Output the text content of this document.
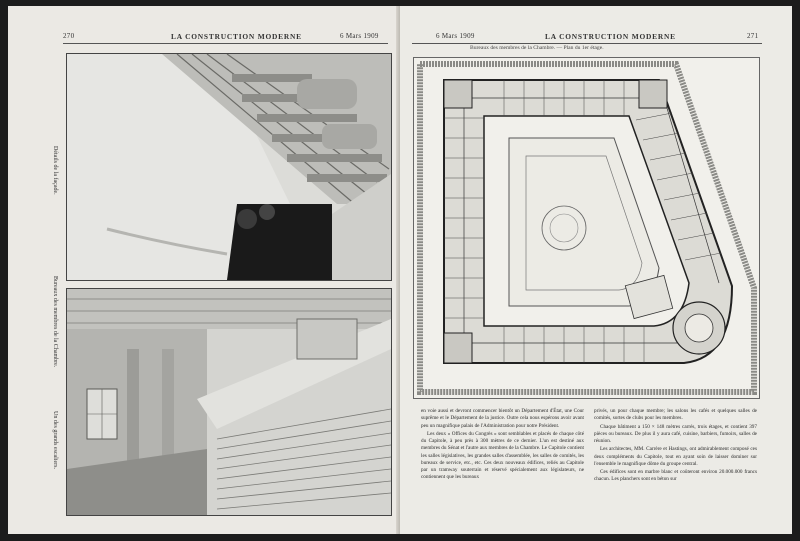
270	LA CONSTRUCTION MODERNE	6 Mars 1909
Détails de la façade.
Bureaux des membres de la Chambre.
Un des grands escaliers.
6 Mars 1909	LA CONSTRUCTION MODERNE	271
Bureaux des membres de la Chambre. — Plan du 1er étage.

en voie aussi et devront commencer bientôt un Département d'État, une Cour suprême et le Département de la justice. Outre cela nous espérons avoir avant peu un magnifique palais de l'Administration pour notre Président.

Les deux « Offices du Congrès » sont semblables et placés de chaque côté du Capitole, à peu près à 300 mètres de ce dernier. L'un est destiné aux membres du Sénat et l'autre aux membres de la Chambre. Le Capitole contient les salles législatives, les grandes salles d'assemblée, les salles de comités, les bureaux de service, etc., etc. Ces deux nouveaux édifices, reliés au Capitole par un tramway souterrain et réservé spécialement aux législateurs, ne contiennent que les bureaux

privés, un pour chaque membre; les salons les cafés et quelques salles de comités, sortes de clubs pour les membres.

Chaque bâtiment a 150 × 148 mètres carrés, trois étages, et contient 397 pièces ou bureaux. De plus il y aura café, cuisine, barbiers, fumoirs, salles de réunion.

Les architectes, MM. Carrère et Hastings, ont admirablement composé ces deux compléments du Capitole, tout en ayant soin de laisser dominer sur l'ensemble le magnifique dôme du groupe central.

Ces édifices sont en marbre blanc et coûteront environ 20.000.000 francs chacun. Les planchers sont en béton sur
